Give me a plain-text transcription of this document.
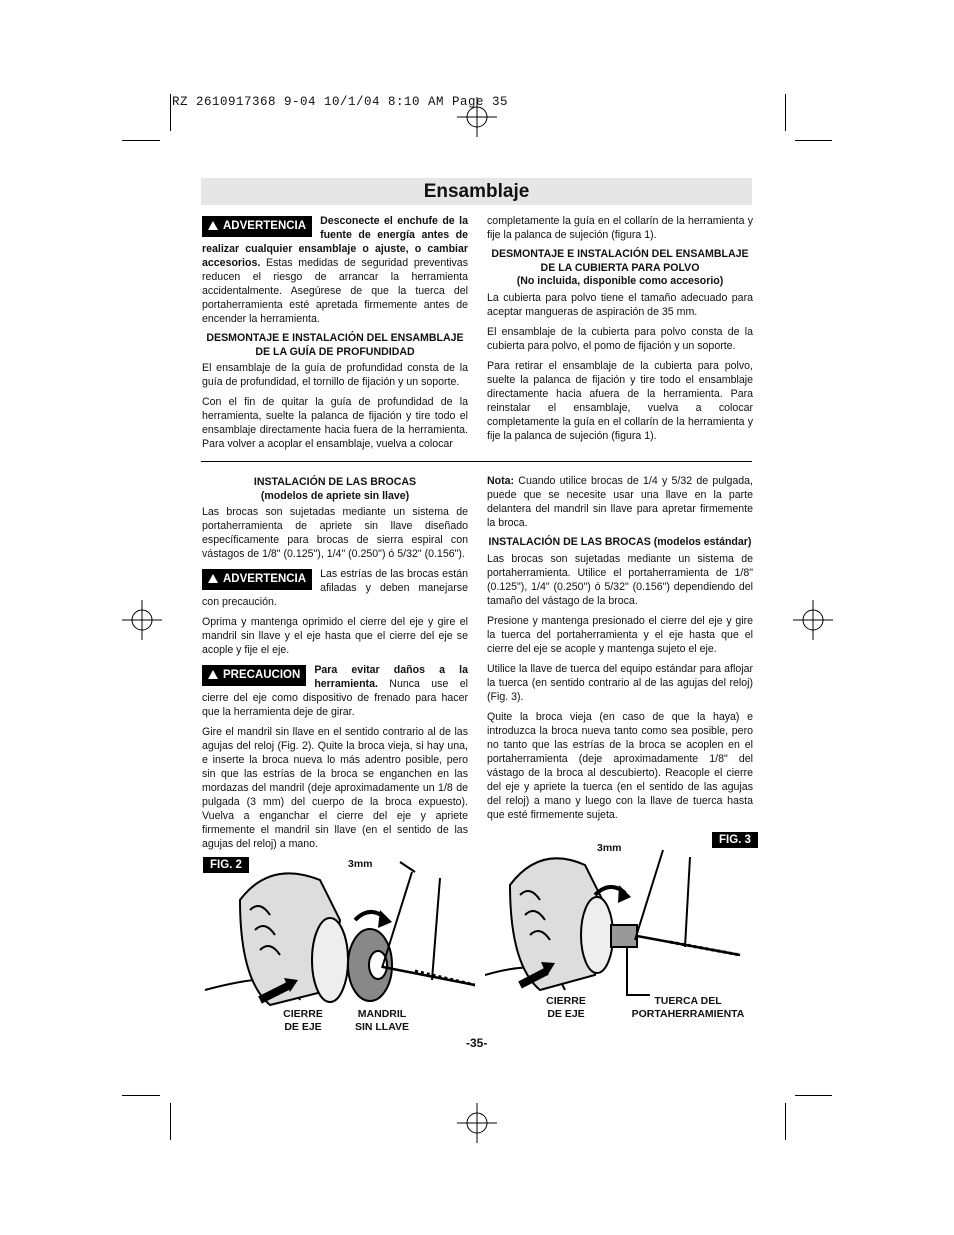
RZ 2610917368 9-04 10/1/04 8:10 AM Page 35
Ensamblaje

ADVERTENCIA	Desconecte el enchufe de la fuente de energía antes de realizar cualquier ensamblaje o ajuste, o cambiar accesorios. Estas medidas de seguridad preventivas reducen el riesgo de arrancar la herramienta accidentalmente. Asegúrese de que la tuerca del portaherramienta esté apretada firmemente antes de encender la herramienta.

DESMONTAJE E INSTALACIÓN DEL ENSAMBLAJE DE LA GUÍA DE PROFUNDIDAD

El ensamblaje de la guía de profundidad consta de la guía de profundidad, el tornillo de fijación y un soporte.

Con el fin de quitar la guía de profundidad de la herramienta, suelte la palanca de fijación y tire todo el ensamblaje directamente hacia fuera de la herramienta. Para volver a acoplar el ensamblaje, vuelva a colocar

completamente la guía en el collarín de la herramienta y fije la palanca de sujeción (figura 1).

DESMONTAJE E INSTALACIÓN DEL ENSAMBLAJE DE LA CUBIERTA PARA POLVO
(No incluida, disponible como accesorio)

La cubierta para polvo tiene el tamaño adecuado para aceptar mangueras de aspiración de 35 mm.

El ensamblaje de la cubierta para polvo consta de la cubierta para polvo, el pomo de fijación y un soporte.

Para retirar el ensamblaje de la cubierta para polvo, suelte la palanca de fijación y tire todo el ensamblaje directamente hacia afuera de la herramienta. Para reinstalar el ensamblaje, vuelva a colocar completamente la guía en el collarín de la herramienta y fije la palanca de sujeción (figura 1).

INSTALACIÓN DE LAS BROCAS
(modelos de apriete sin llave)

Las brocas son sujetadas mediante un sistema de portaherramienta de apriete sin llave diseñado específicamente para brocas de sierra espiral con vástagos de 1/8" (0.125"), 1/4" (0.250") ó 5/32" (0.156").

ADVERTENCIA	Las estrías de las brocas están afiladas y deben manejarse con precaución.

Oprima y mantenga oprimido el cierre del eje y gire el mandril sin llave y el eje hasta que el cierre del eje se acople y fije el eje.

PRECAUCION	Para evitar daños a la herramienta. Nunca use el cierre del eje como dispositivo de frenado para hacer que la herramienta deje de girar.

Gire el mandril sin llave en el sentido contrario al de las agujas del reloj (Fig. 2). Quite la broca vieja, si hay una, e inserte la broca nueva lo más adentro posible, pero sin que las estrías de la broca se enganchen en las mordazas del mandril (deje aproximadamente un 1/8 de pulgada (3 mm) del cuerpo de la broca expuesto). Vuelva a enganchar el cierre del eje y apriete firmemente el mandril sin llave (en el sentido de las agujas del reloj) a mano.

Nota: Cuando utilice brocas de 1/4 y 5/32 de pulgada, puede que se necesite usar una llave en la parte delantera del mandril sin llave para apretar firmemente la broca.

INSTALACIÓN DE LAS BROCAS (modelos estándar)

Las brocas son sujetadas mediante un sistema de portaherramienta. Utilice el portaherramienta de 1/8" (0.125"), 1/4" (0.250") ó 5/32" (0.156") dependiendo del tamaño del vástago de la broca.

Presione y mantenga presionado el cierre del eje y gire la tuerca del portaherramienta y el eje hasta que el cierre del eje se acople y mantenga sujeto el eje.

Utilice la llave de tuerca del equipo estándar para aflojar la tuerca (en sentido contrario al de las agujas del reloj) (Fig. 3).

Quite la broca vieja (en caso de que la haya) e introduzca la broca nueva tanto como sea posible, pero no tanto que las estrías de la broca se acoplen en el portaherramienta (deje aproximadamente 1/8" del vástago de la broca al descubierto). Reacople el cierre del eje y apriete la tuerca (en el sentido de las agujas del reloj) a mano y luego con la llave de tuerca hasta que esté firmemente sujeta.

FIG. 2	3mm
CIERRE
DE EJE
MANDRIL
SIN LLAVE
FIG. 3
3mm
CIERRE
DE EJE
TUERCA DEL
PORTAHERRAMIENTA
-35-
